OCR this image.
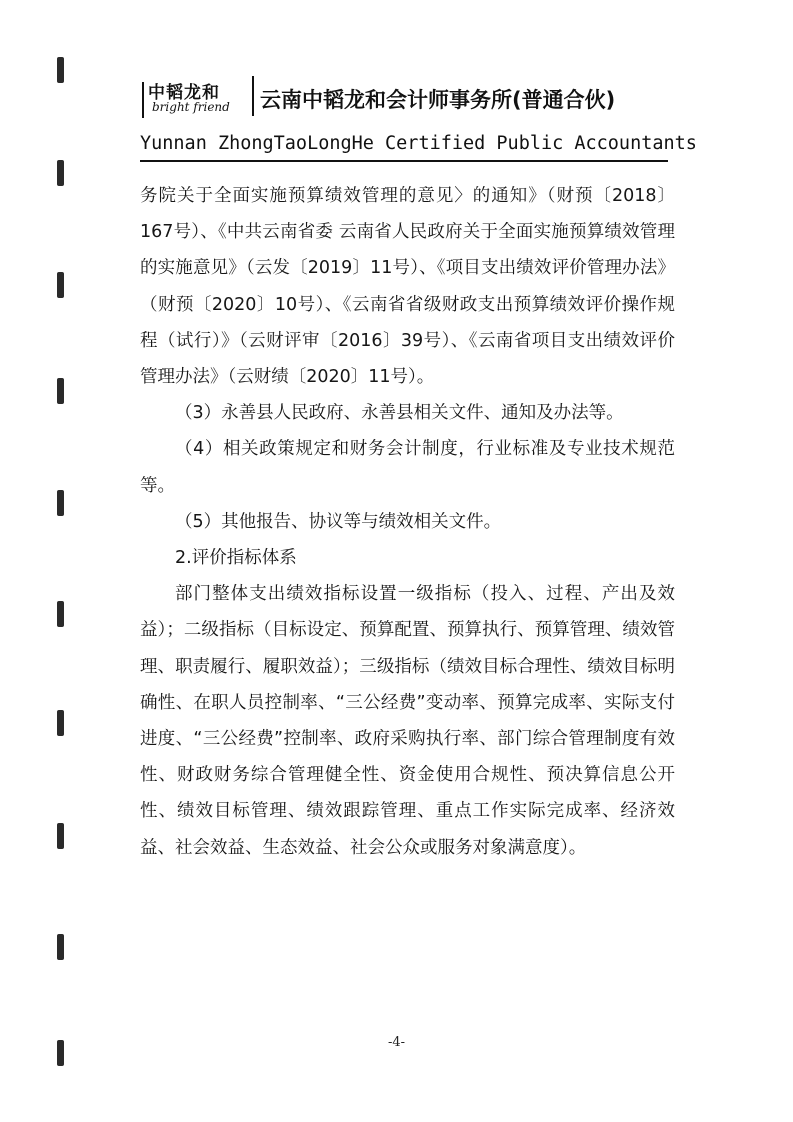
中韬龙和
bright friend 云南中韬龙和会计师事务所(普通合伙)
Yunnan ZhongTaoLongHe Certified Public Accountants

务院关于全面实施预算绩效管理的意见〉的通知》（财预〔2018〕167号）、《中共云南省委 云南省人民政府关于全面实施预算绩效管理的实施意见》（云发〔2019〕11号）、《项目支出绩效评价管理办法》（财预〔2020〕10号）、《云南省省级财政支出预算绩效评价操作规程（试行）》（云财评审〔2016〕39号）、《云南省项目支出绩效评价管理办法》（云财绩〔2020〕11号）。

（3）永善县人民政府、永善县相关文件、通知及办法等。

（4）相关政策规定和财务会计制度，行业标准及专业技术规范等。

（5）其他报告、协议等与绩效相关文件。

2.评价指标体系

部门整体支出绩效指标设置一级指标（投入、过程、产出及效益）；二级指标（目标设定、预算配置、预算执行、预算管理、绩效管理、职责履行、履职效益）；三级指标（绩效目标合理性、绩效目标明确性、在职人员控制率、“三公经费”变动率、预算完成率、实际支付进度、“三公经费”控制率、政府采购执行率、部门综合管理制度有效性、财政财务综合管理健全性、资金使用合规性、预决算信息公开性、绩效目标管理、绩效跟踪管理、重点工作实际完成率、经济效益、社会效益、生态效益、社会公众或服务对象满意度）。

-4-
